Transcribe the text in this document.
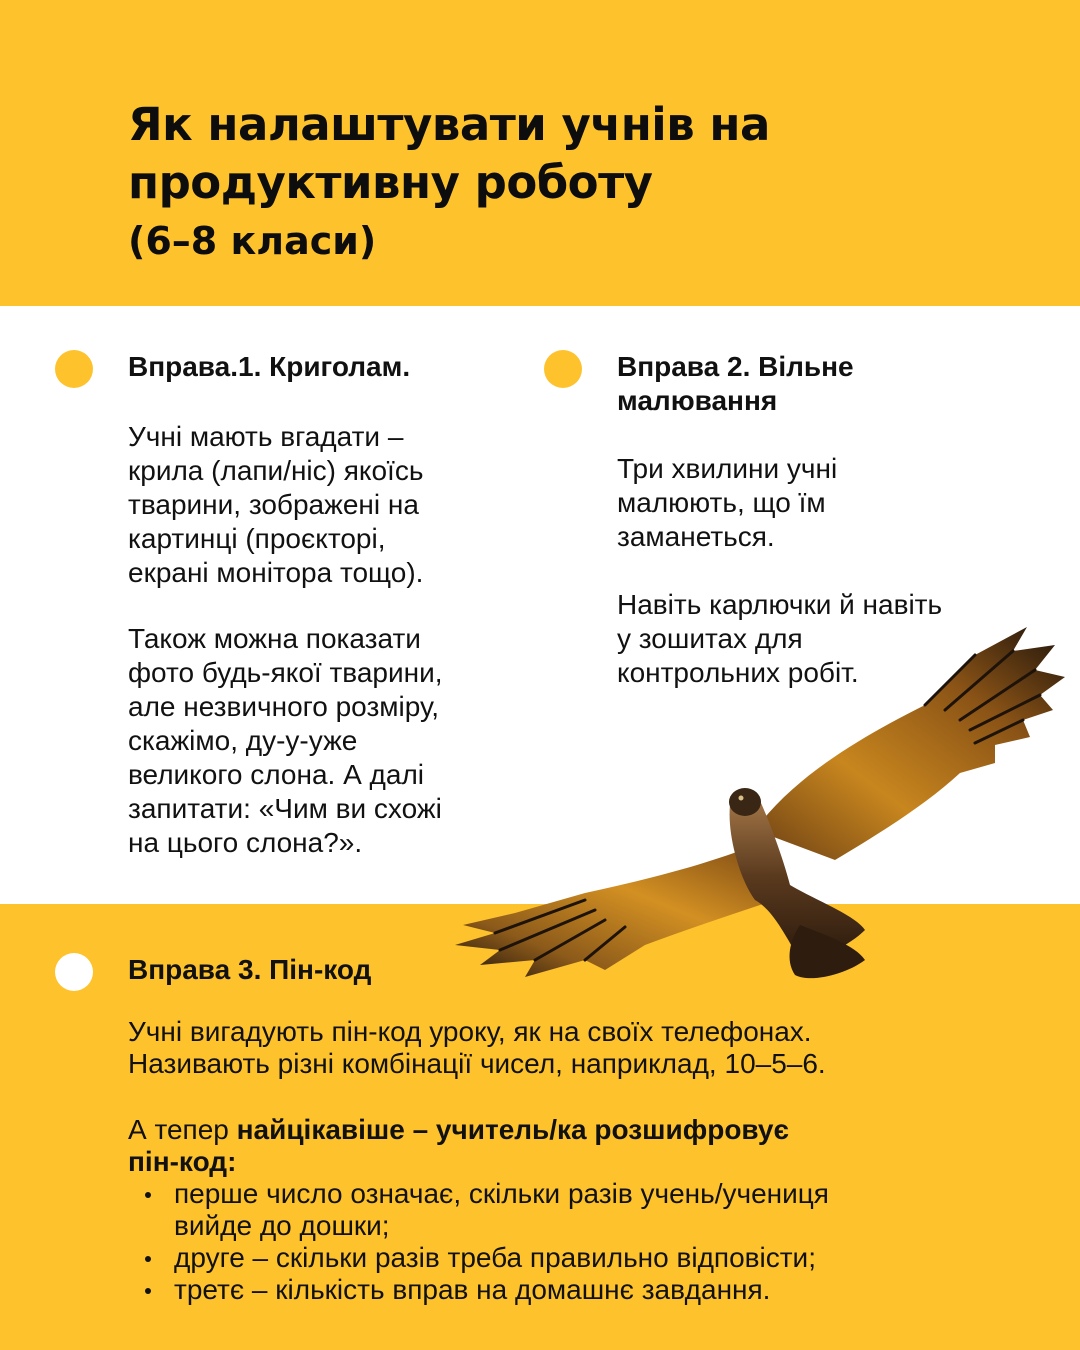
Як налаштувати учнів на
продуктивну роботу
(6–8 класи)
Вправа.1. Криголам.
Учні мають вгадати –
крила (лапи/ніс) якоїсь
тварини, зображені на
картинці (проєкторі,
екрані монітора тощо).
Також можна показати
фото будь-якої тварини,
але незвичного розміру,
скажімо, ду-у-уже
великого слона. А далі
запитати: «Чим ви схожі
на цього слона?».
Вправа 2. Вільне
малювання
Три хвилини учні
малюють, що їм
заманеться.
Навіть карлючки й навіть
у зошитах для
контрольних робіт.
Вправа 3. Пін-код
Учні вигадують пін-код уроку, як на своїх телефонах.
Називають різні комбінації чисел, наприклад, 10–5–6.
А тепер найцікавіше – учитель/ка розшифровує
пін-код:
перше число означає, скільки разів учень/учениця
вийде до дошки;
друге – скільки разів треба правильно відповісти;
третє – кількість вправ на домашнє завдання.
